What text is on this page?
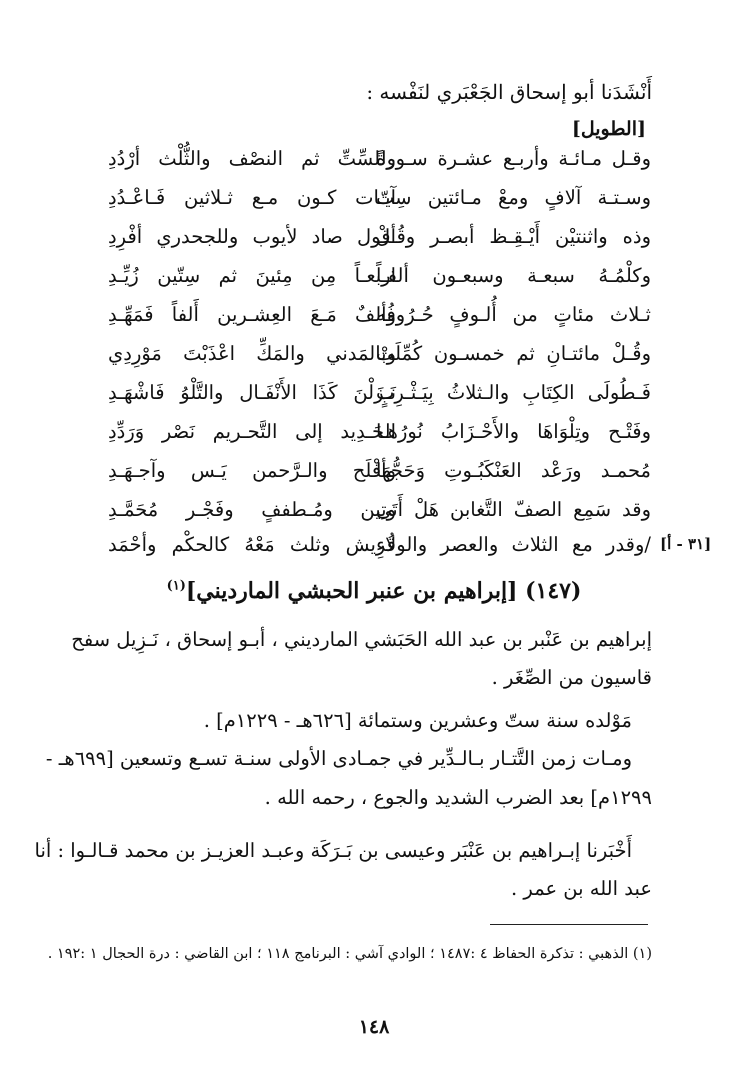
أَنْشَدَنا أبو إسحاق الجَعْبَري لنَفْسه :
[الطويل]
وقـل مـائـة وأربـع عشـرة سـورةً
وللسِّتِّ ثم النصْف والثُّلْث أرْدُدِ
وسـتـة آلافٍ ومعْ مـائتين سِتّ
آيـات كـون مـع ثـلاثين فَـاعْـدُدِ
وذه واثنتيْن أَيْـقِـظ أبصـر وقُـلْ
أقول صاد لأيوب وللجحدري أفْرِدِ
وكلْمُـهُ سبعـة وسبعـون ألفـاً
اربعـاً مِن مِئينَ ثم سِتّين زُيِّـدِ
ثـلاث مئاتٍ من أُلـوفٍ حُـرُوفُه
وألفٌ مَـعَ العِشـرين أَلفاً فَمَهِّـدِ
وقُـلْ مائتـانِ ثم خمسـون كُمِّلَتْ
وبالمَدني والمَكِّ اعْذَبْتَ مَوْرِدِي
فَـطُولَى الكِتَابِ والـثلاثُ بِيَـثْـرِبٍ
نَـزَلْنَ كَذَا الأَنْفَـال والتَّلْوُ فَاشْهَـدِ
وفَتْـح وتِلْوَاهَا والأَحْـزَابُ نُورُهـا
الحَـدِيد إلى التَّحـريم نَصْر وَرَدِّدِ
مُحمـد ورَعْد العَنْكَبُـوتِ وَحَجُّهَا
وأفْلَح والـرَّحمن يَـس وآجـهَـدِ
وقد سَمِع الصفّ التَّغابن هَلْ أَتَى
وتِين ومُـطففٍ وفَجْـر مُحَمَّـدِ
/وقدر مع الثلاث والعصر والولاء
قُرِيش وثلث مَعْهُ كالحكْم وأحْمَد	[٣١ - أ]
(١٤٧) [إبراهيم بن عنبر الحبشي المارديني]$^{(١)}$
إبراهيم بن عَنْبر بن عبد الله الحَبَشي المارديني ، أبـو إسحاق ، نَـزِيل سفح
قاسيون من الصِّغَر .
مَوْلده سنة ستّ وعشرين وستمائة [٦٢٦هـ - ١٢٢٩م] .
ومـات زمن التَّتـار بـالـدِّير في جمـادى الأولى سنـة تسـع وتسعين [٦٩٩هـ -
١٢٩٩م] بعد الضرب الشديد والجوع ، رحمه الله .
أَخْبَرنا إبـراهيم بن عَنْبَر وعيسى بن بَـرَكَة وعبـد العزيـز بن محمد قـالـوا : أنا
عبد الله بن عمر .
(١) الذهبي : تذكرة الحفاظ ٤ :١٤٨٧ ؛ الوادي آشي : البرنامج ١١٨ ؛ ابن القاضي : درة الحجال ١ :١٩٢ .
١٤٨
